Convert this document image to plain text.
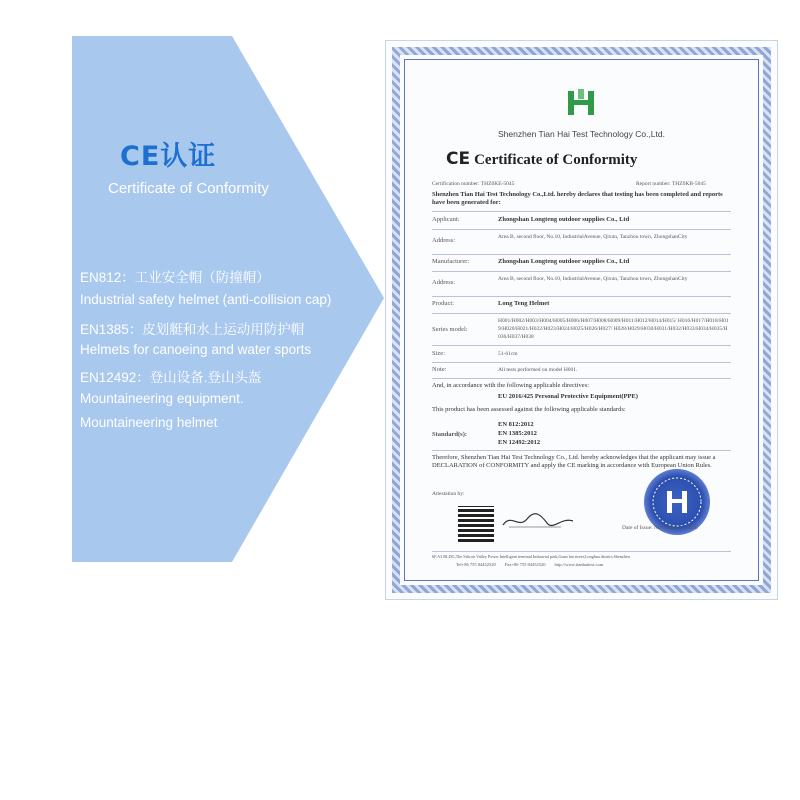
CE认证
Certificate of Conformity
EN812：工业安全帽（防撞帽）
Industrial safety helmet (anti-collision cap)
EN1385：皮划艇和水上运动用防护帽
Helmets for canoeing and water sports
EN12492：登山设备.登山头盔
Mountaineering equipment.
Mountaineering helmet
Shenzhen Tian Hai Test Technology Co.,Ltd.
CE Certificate of Conformity
Certification number: THZ0KE-5045	Report number: THZ0KB-5045
Shenzhen Tian Hai Test Technology Co.,Ltd. hereby declares that testing has been completed and reports have been generated for:
Applicant:	Zhongshan Longteng outdoor supplies Co., Ltd
Address:	Area B, second floor, No.10, IndustrialAvenue, Qixun, Tanzhou town, ZhongshanCity
Manufacturer:	Zhongshan Longteng outdoor supplies Co., Ltd
Address:	Area B, second floor, No.10, IndustrialAvenue, Qixun, Tanzhou town, ZhongshanCity
Product:	Long Teng Helmet
Series model:
H001/H002/H003/H004/H005/H006/H007/H008/H009/H011/H012/H014/H015/ H016/H017/H018/H019/H020/H021/H022/H023/H024/H025/H026/H027/ H028/H029/H030/H031/H032/H033/H034/H035/H036/H037/H038
Size:	51-61cm
Note:	All tests performed on model H001.
And, in accordance with the following applicable directives:
EU 2016/425 Personal Protective Equipment(PPE)
This product has been assessed against the following applicable standards:
Standard(s):
EN 812:2012
EN 1385:2012
EN 12492:2012
Therefore, Shenzhen Tian Hai Test Technology Co., Ltd. hereby acknowledges that the applicant may issue a DECLARATION of CONFORMITY and apply the CE marking in accordance with European Union Rules.
Attestation by:
Date of Issue: November 27, 2020
6F,A3 BLDG,The Silicon Valley Power Intelligent terminal Industrial park,Guan lan street,Longhua district,Shenzhen
Tel+86 755 84452520        Fax+86 755 84452520        http://www.tianhaitest.com
